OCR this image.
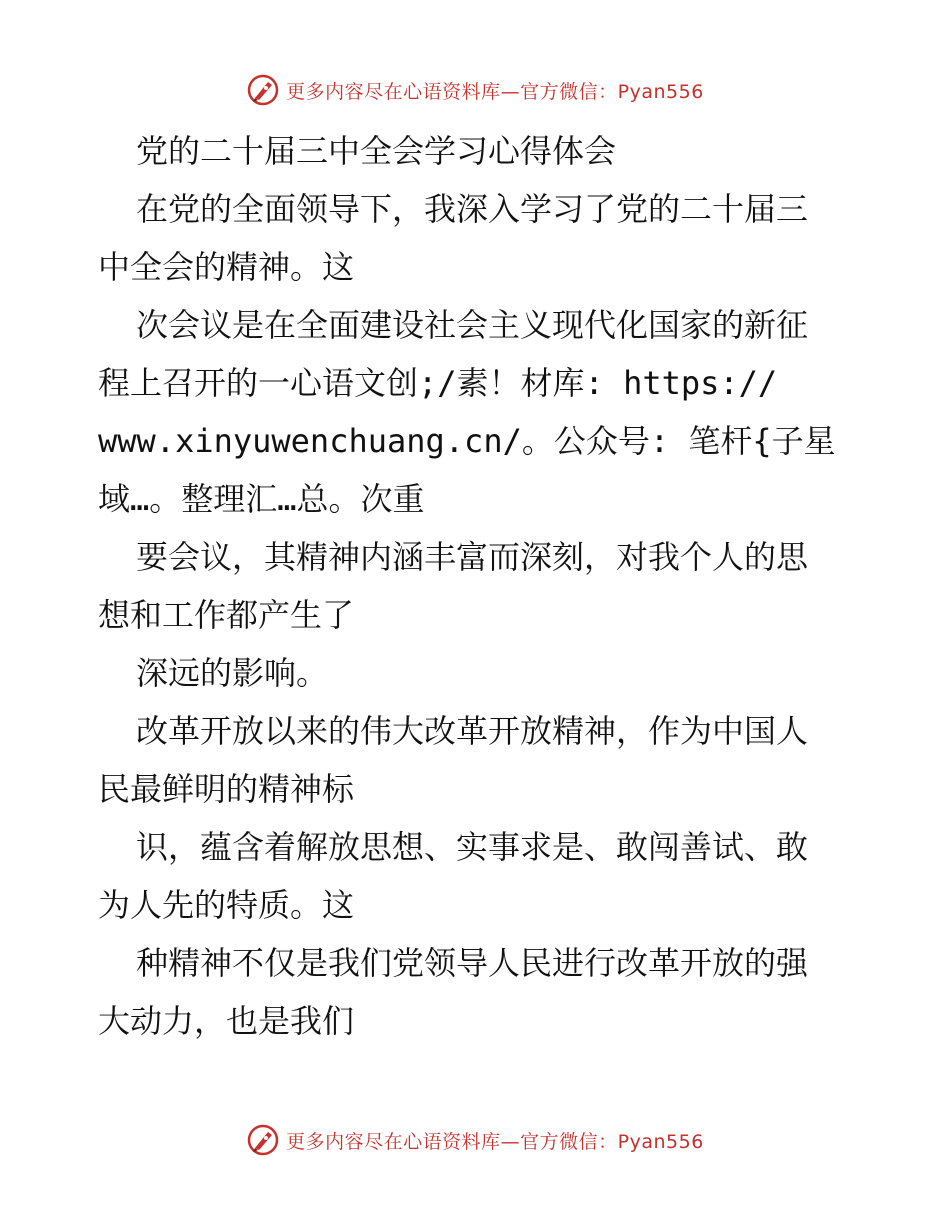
更多内容尽在心语资料库—官方微信：Pyan556
党的二十届三中全会学习心得体会
在党的全面领导下，我深入学习了党的二十届三
中全会的精神。这
次会议是在全面建设社会主义现代化国家的新征
程上召开的一心语文创;/素！材库: https://
www.xinyuwenchuang.cn/。公众号: 笔杆{子星
域…。整理汇…总。次重
要会议，其精神内涵丰富而深刻，对我个人的思
想和工作都产生了
深远的影响。
改革开放以来的伟大改革开放精神，作为中国人
民最鲜明的精神标
识，蕴含着解放思想、实事求是、敢闯善试、敢
为人先的特质。这
种精神不仅是我们党领导人民进行改革开放的强
大动力，也是我们
更多内容尽在心语资料库—官方微信：Pyan556
